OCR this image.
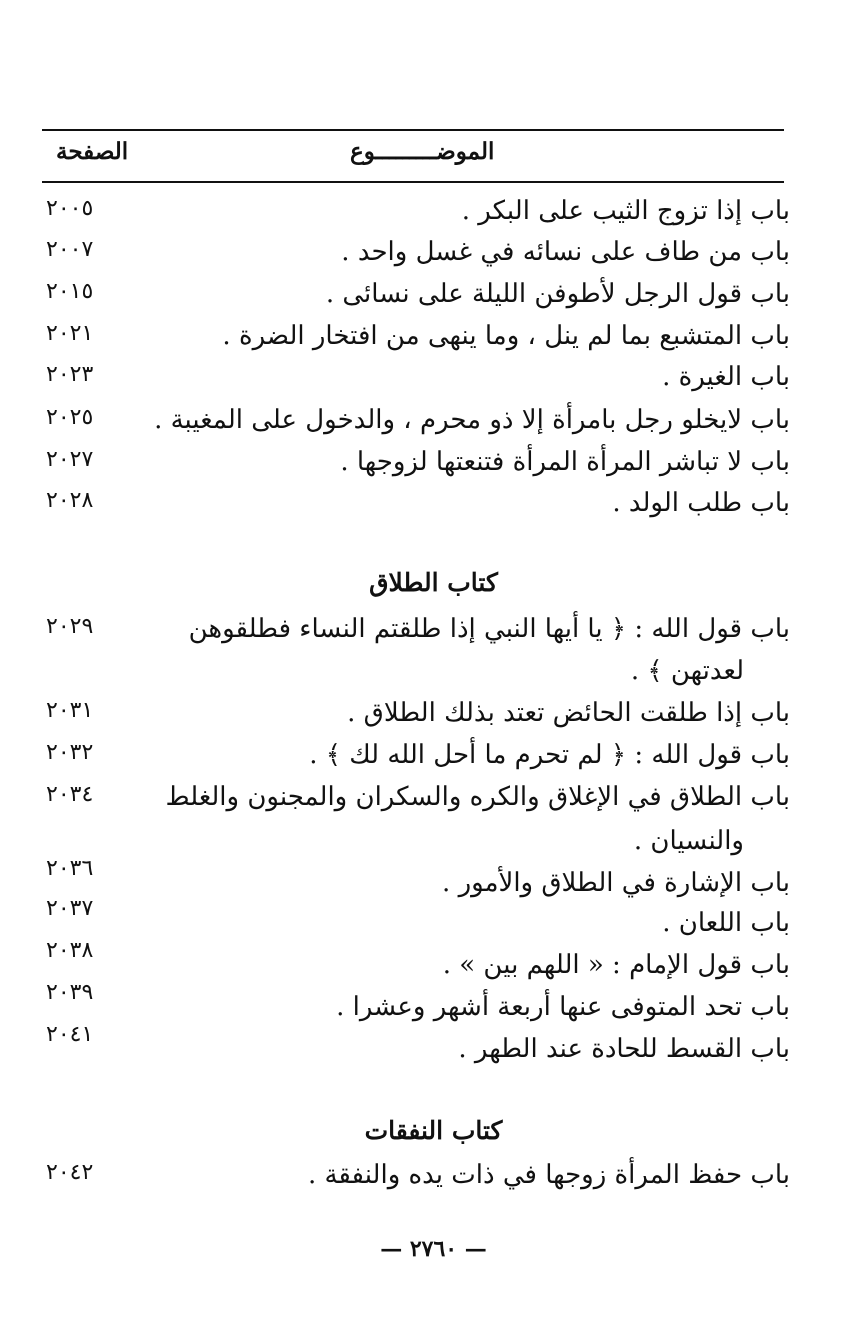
الصفحة	الموضـــــــــوع
باب إذا تزوج الثيب على البكر .
٢٠٠٥
باب من طاف على نسائه في غسل واحد .
٢٠٠٧
باب قول الرجل لأطوفن الليلة على نسائى .
٢٠١٥
باب المتشبع بما لم ينل ، وما ينهى من افتخار الضرة .
٢٠٢١
باب الغيرة .
٢٠٢٣
باب لايخلو رجل بامرأة إلا ذو محرم ، والدخول على المغيبة .
٢٠٢٥
باب لا تباشر المرأة المرأة فتنعتها لزوجها .
٢٠٢٧
باب طلب الولد .
٢٠٢٨
كتاب الطلاق
باب قول الله : ﴿ يا أيها النبي إذا طلقتم النساء فطلقوهن
٢٠٢٩
لعدتهن ﴾ .
باب إذا طلقت الحائض تعتد بذلك الطلاق .
٢٠٣١
باب قول الله : ﴿ لم تحرم ما أحل الله لك ﴾ .
٢٠٣٢
باب الطلاق في الإغلاق والكره والسكران والمجنون والغلط
٢٠٣٤
والنسيان .
باب الإشارة في الطلاق والأمور .
٢٠٣٦
باب اللعان .
٢٠٣٧
باب قول الإمام : « اللهم بين » .
٢٠٣٨
باب تحد المتوفى عنها أربعة أشهر وعشرا .
٢٠٣٩
باب القسط للحادة عند الطهر .
٢٠٤١
كتاب النفقات
باب حفظ المرأة زوجها في ذات يده والنفقة .
٢٠٤٢
— ٢٧٦٠ —
